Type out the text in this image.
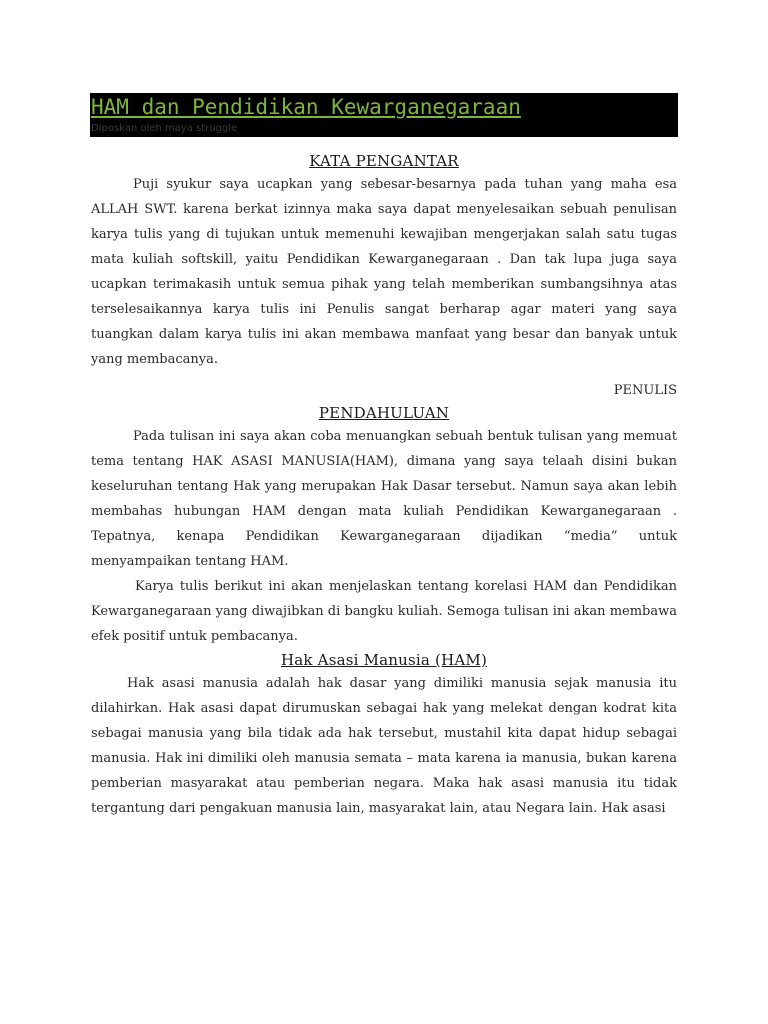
HAM dan Pendidikan Kewarganegaraan
Diposkan oleh maya struggle
KATA PENGANTAR

Puji syukur saya ucapkan yang sebesar-besarnya pada tuhan yang maha esa ALLAH SWT. karena berkat izinnya maka saya dapat menyelesaikan sebuah penulisan karya tulis yang di tujukan untuk memenuhi kewajiban mengerjakan salah satu tugas mata kuliah softskill, yaitu Pendidikan Kewarganegaraan . Dan tak lupa juga saya ucapkan terimakasih untuk semua pihak yang telah memberikan sumbangsihnya atas terselesaikannya karya tulis ini Penulis sangat berharap agar materi yang saya tuangkan dalam karya tulis ini akan membawa manfaat yang besar dan banyak untuk yang membacanya.

PENULIS
PENDAHULUAN

Pada tulisan ini saya akan coba menuangkan sebuah bentuk tulisan yang memuat tema tentang HAK ASASI MANUSIA(HAM), dimana yang saya telaah disini bukan keseluruhan tentang Hak yang merupakan Hak Dasar tersebut. Namun saya akan lebih membahas hubungan HAM dengan mata kuliah Pendidikan Kewarganegaraan . Tepatnya, kenapa Pendidikan Kewarganegaraan dijadikan “media” untuk menyampaikan tentang HAM.

Karya tulis berikut ini akan menjelaskan tentang korelasi HAM dan Pendidikan Kewarganegaraan yang diwajibkan di bangku kuliah. Semoga tulisan ini akan membawa efek positif untuk pembacanya.

Hak Asasi Manusia (HAM)

Hak asasi manusia adalah hak dasar yang dimiliki manusia sejak manusia itu dilahirkan. Hak asasi dapat dirumuskan sebagai hak yang melekat dengan kodrat kita sebagai manusia yang bila tidak ada hak tersebut, mustahil kita dapat hidup sebagai manusia. Hak ini dimiliki oleh manusia semata – mata karena ia manusia, bukan karena pemberian masyarakat atau pemberian negara. Maka hak asasi manusia itu tidak tergantung dari pengakuan manusia lain, masyarakat lain, atau Negara lain. Hak asasi
